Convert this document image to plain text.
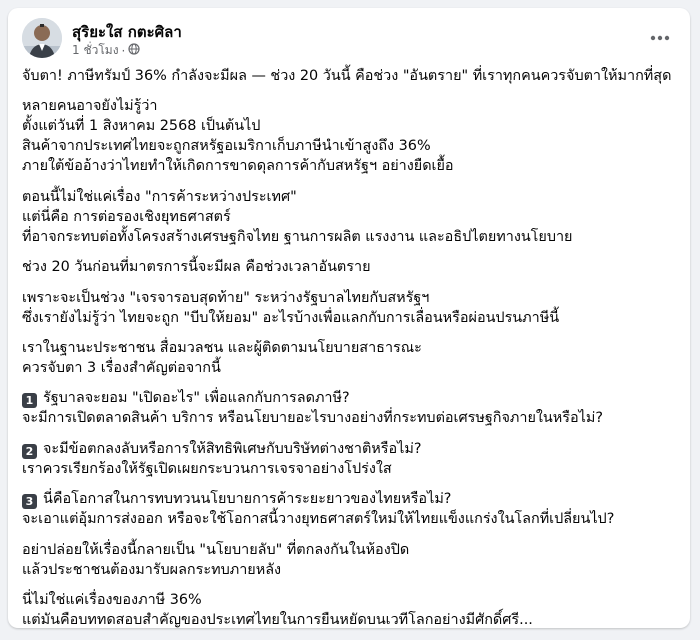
สุริยะใส กตะศิลา
1 ชั่วโมง ·
จับตา! ภาษีทรัมป์ 36% กำลังจะมีผล — ช่วง 20 วันนี้ คือช่วง "อันตราย" ที่เราทุกคนควรจับตาให้มากที่สุด
หลายคนอาจยังไม่รู้ว่า
ตั้งแต่วันที่ 1 สิงหาคม 2568 เป็นต้นไป
สินค้าจากประเทศไทยจะถูกสหรัฐอเมริกาเก็บภาษีนำเข้าสูงถึง 36%
ภายใต้ข้ออ้างว่าไทยทำให้เกิดการขาดดุลการค้ากับสหรัฐฯ อย่างยืดเยื้อ
ตอนนี้ไม่ใช่แค่เรื่อง "การค้าระหว่างประเทศ"
แต่นี่คือ การต่อรองเชิงยุทธศาสตร์
ที่อาจกระทบต่อทั้งโครงสร้างเศรษฐกิจไทย ฐานการผลิต แรงงาน และอธิปไตยทางนโยบาย
ช่วง 20 วันก่อนที่มาตรการนี้จะมีผล คือช่วงเวลาอันตราย
เพราะจะเป็นช่วง "เจรจารอบสุดท้าย" ระหว่างรัฐบาลไทยกับสหรัฐฯ
ซึ่งเรายังไม่รู้ว่า ไทยจะถูก "บีบให้ยอม" อะไรบ้างเพื่อแลกกับการเลื่อนหรือผ่อนปรนภาษีนี้
เราในฐานะประชาชน สื่อมวลชน และผู้ติดตามนโยบายสาธารณะ
ควรจับตา 3 เรื่องสำคัญต่อจากนี้
1 รัฐบาลจะยอม "เปิดอะไร" เพื่อแลกกับการลดภาษี?
จะมีการเปิดตลาดสินค้า บริการ หรือนโยบายอะไรบางอย่างที่กระทบต่อเศรษฐกิจภายในหรือไม่?
2 จะมีข้อตกลงลับหรือการให้สิทธิพิเศษกับบริษัทต่างชาติหรือไม่?
เราควรเรียกร้องให้รัฐเปิดเผยกระบวนการเจรจาอย่างโปร่งใส
3 นี่คือโอกาสในการทบทวนนโยบายการค้าระยะยาวของไทยหรือไม่?
จะเอาแต่อุ้มการส่งออก หรือจะใช้โอกาสนี้วางยุทธศาสตร์ใหม่ให้ไทยแข็งแกร่งในโลกที่เปลี่ยนไป?
อย่าปล่อยให้เรื่องนี้กลายเป็น "นโยบายลับ" ที่ตกลงกันในห้องปิด
แล้วประชาชนต้องมารับผลกระทบภายหลัง
นี่ไม่ใช่แค่เรื่องของภาษี 36%
แต่มันคือบททดสอบสำคัญของประเทศไทยในการยืนหยัดบนเวทีโลกอย่างมีศักดิ์ศรี...
